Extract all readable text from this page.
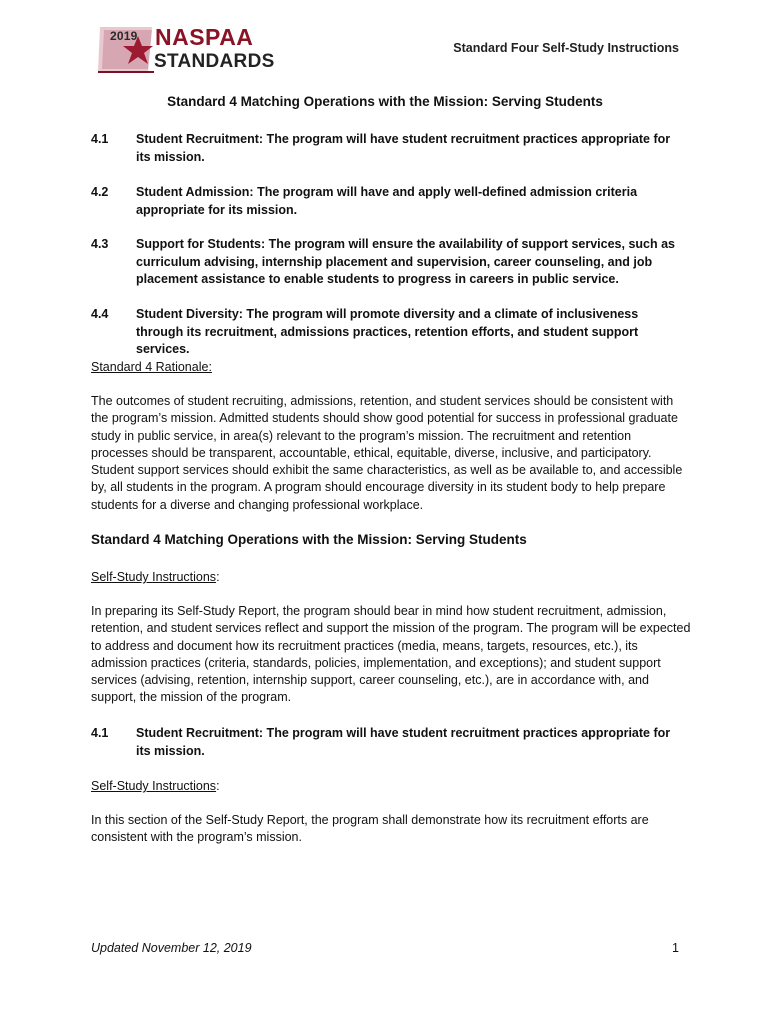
2019 NASPAA
STANDARDS
Standard Four Self-Study Instructions
Standard 4 Matching Operations with the Mission: Serving Students
4.1 Student Recruitment: The program will have student recruitment practices appropriate for its mission.
4.2 Student Admission: The program will have and apply well-defined admission criteria appropriate for its mission.
4.3 Support for Students: The program will ensure the availability of support services, such as curriculum advising, internship placement and supervision, career counseling, and job placement assistance to enable students to progress in careers in public service.
4.4 Student Diversity: The program will promote diversity and a climate of inclusiveness through its recruitment, admissions practices, retention efforts, and student support services.
Standard 4 Rationale:
The outcomes of student recruiting, admissions, retention, and student services should be consistent with the program’s mission. Admitted students should show good potential for success in professional graduate study in public service, in area(s) relevant to the program’s mission. The recruitment and retention processes should be transparent, accountable, ethical, equitable, diverse, inclusive, and participatory. Student support services should exhibit the same characteristics, as well as be available to, and accessible by, all students in the program. A program should encourage diversity in its student body to help prepare students for a diverse and changing professional workplace.
Standard 4 Matching Operations with the Mission: Serving Students
Self-Study Instructions:
In preparing its Self-Study Report, the program should bear in mind how student recruitment, admission, retention, and student services reflect and support the mission of the program. The program will be expected to address and document how its recruitment practices (media, means, targets, resources, etc.), its admission practices (criteria, standards, policies, implementation, and exceptions); and student support services (advising, retention, internship support, career counseling, etc.), are in accordance with, and support, the mission of the program.
4.1 Student Recruitment: The program will have student recruitment practices appropriate for its mission.
Self-Study Instructions:
In this section of the Self-Study Report, the program shall demonstrate how its recruitment efforts are consistent with the program’s mission.
Updated November 12, 2019	1
